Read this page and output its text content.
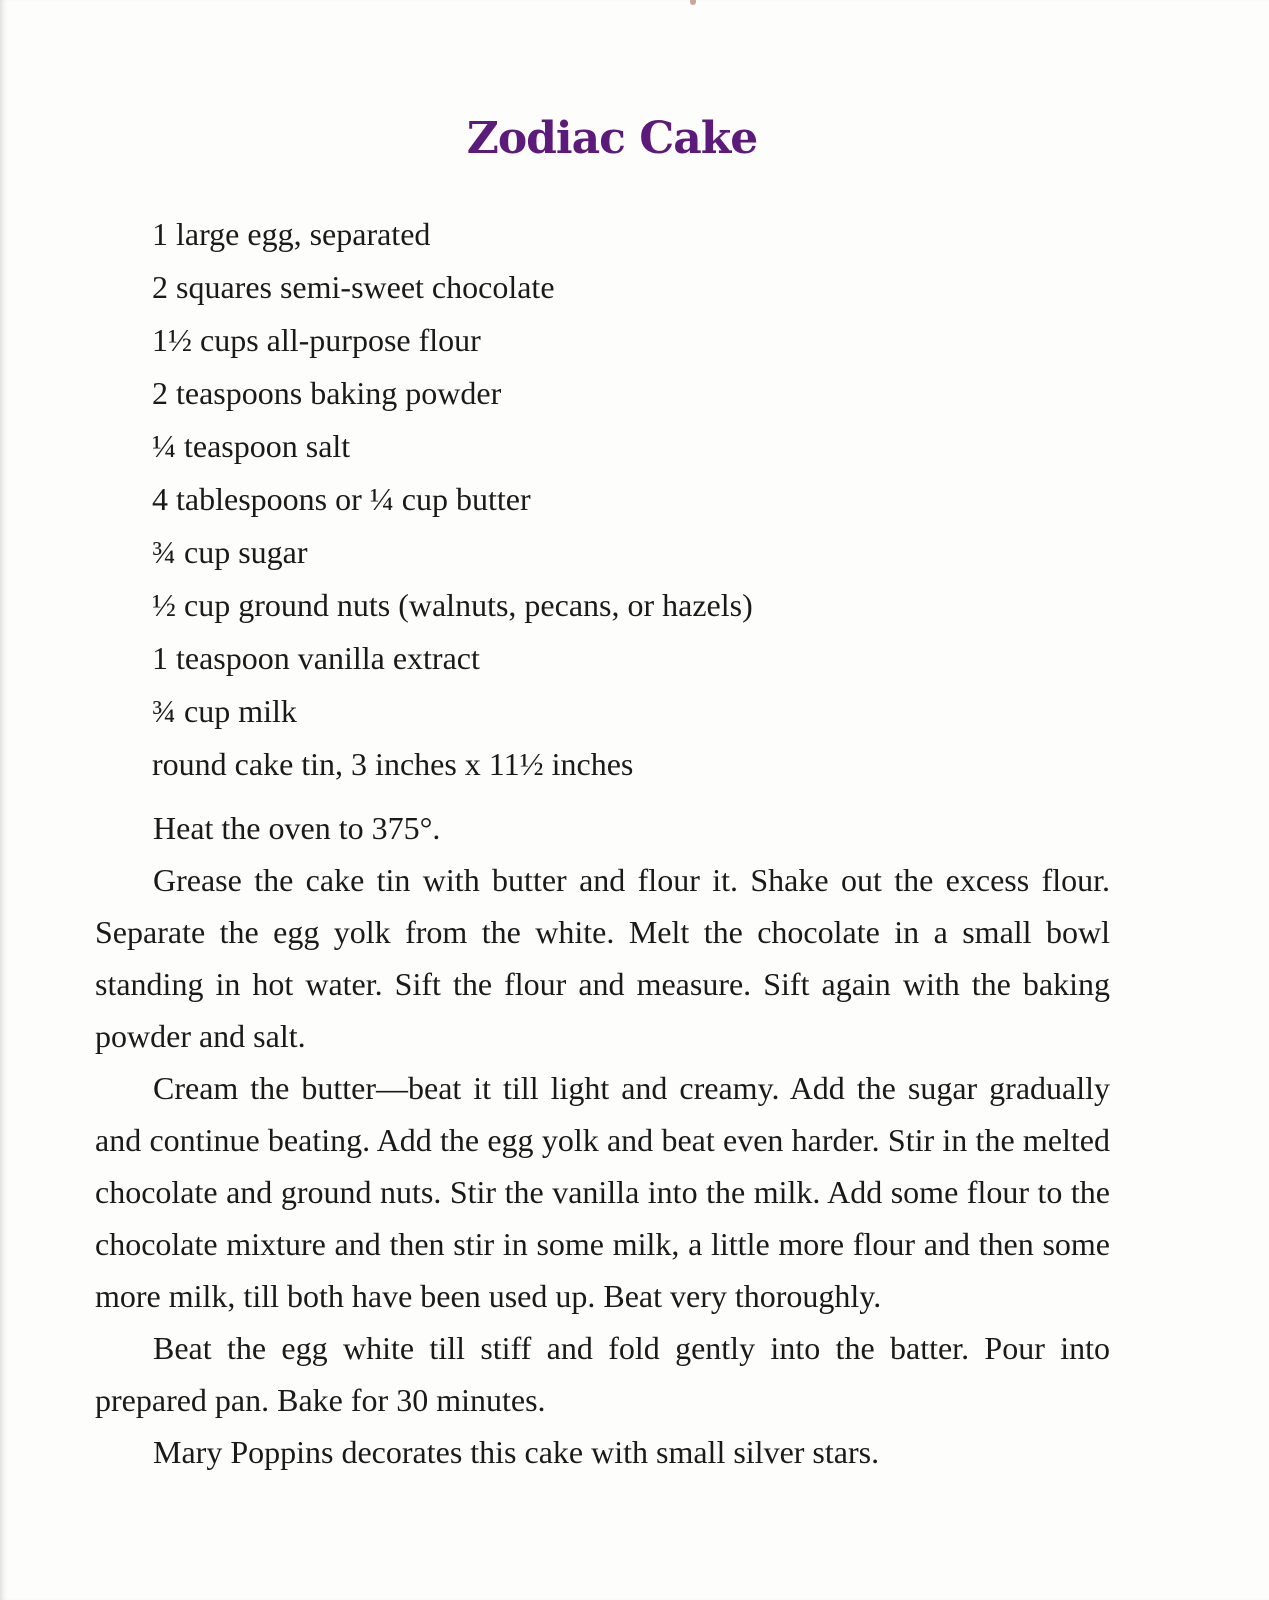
Zodiac Cake
1 large egg, separated
2 squares semi-sweet chocolate
1½ cups all-purpose flour
2 teaspoons baking powder
¼ teaspoon salt
4 tablespoons or ¼ cup butter
¾ cup sugar
½ cup ground nuts (walnuts, pecans, or hazels)
1 teaspoon vanilla extract
¾ cup milk
round cake tin, 3 inches x 11½ inches

Heat the oven to 375°.

Grease the cake tin with butter and flour it. Shake out the excess flour. Separate the egg yolk from the white. Melt the chocolate in a small bowl standing in hot water. Sift the flour and measure. Sift again with the baking powder and salt.

Cream the butter—beat it till light and creamy. Add the sugar gradually and continue beating. Add the egg yolk and beat even harder. Stir in the melted chocolate and ground nuts. Stir the vanilla into the milk. Add some flour to the chocolate mixture and then stir in some milk, a little more flour and then some more milk, till both have been used up. Beat very thoroughly.

Beat the egg white till stiff and fold gently into the batter. Pour into prepared pan. Bake for 30 minutes.

Mary Poppins decorates this cake with small silver stars.
